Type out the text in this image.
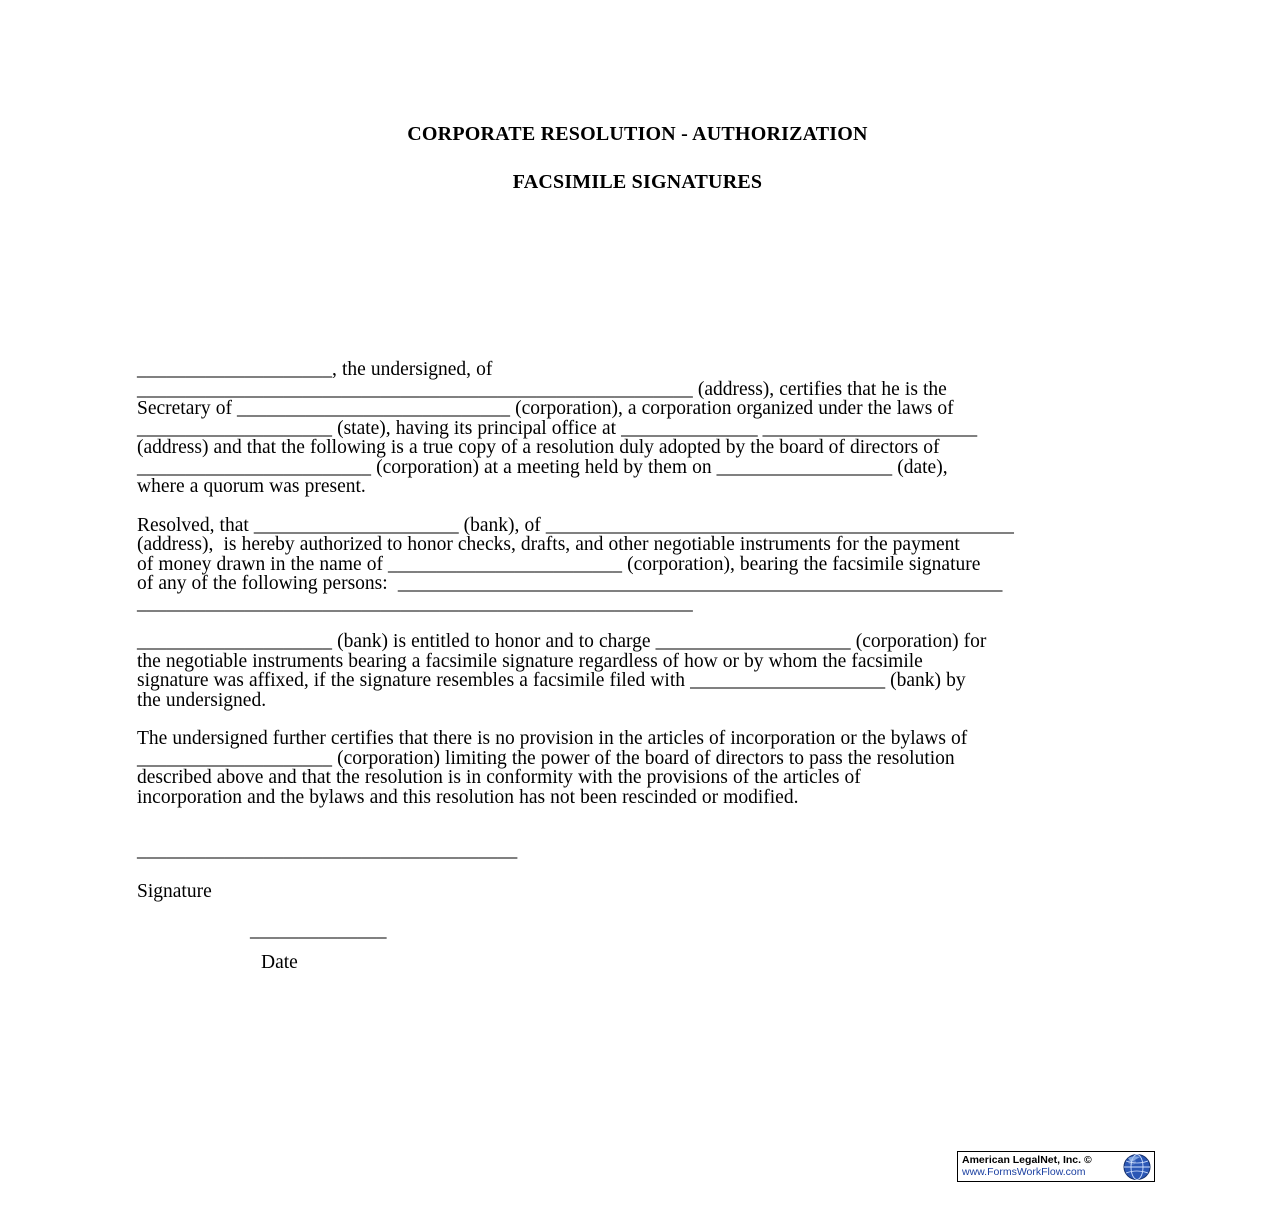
CORPORATE RESOLUTION - AUTHORIZATION
FACSIMILE SIGNATURES

____________________, the undersigned, of
_________________________________________________________ (address), certifies that he is the
Secretary of ____________________________ (corporation), a corporation organized under the laws of
____________________ (state), having its principal office at ______________ ______________________
(address) and that the following is a true copy of a resolution duly adopted by the board of directors of
________________________ (corporation) at a meeting held by them on __________________ (date),
where a quorum was present.

Resolved, that _____________________ (bank), of ________________________________________________
(address),  is hereby authorized to honor checks, drafts, and other negotiable instruments for the payment
of money drawn in the name of ________________________ (corporation), bearing the facsimile signature
of any of the following persons:  ______________________________________________________________
_________________________________________________________

____________________ (bank) is entitled to honor and to charge ____________________ (corporation) for
the negotiable instruments bearing a facsimile signature regardless of how or by whom the facsimile
signature was affixed, if the signature resembles a facsimile filed with ____________________ (bank) by
the undersigned.

The undersigned further certifies that there is no provision in the articles of incorporation or the bylaws of
____________________ (corporation) limiting the power of the board of directors to pass the resolution
described above and that the resolution is in conformity with the provisions of the articles of
incorporation and the bylaws and this resolution has not been rescinded or modified.

_______________________________________
Signature
______________
Date
American LegalNet, Inc. ©
www.FormsWorkFlow.com
